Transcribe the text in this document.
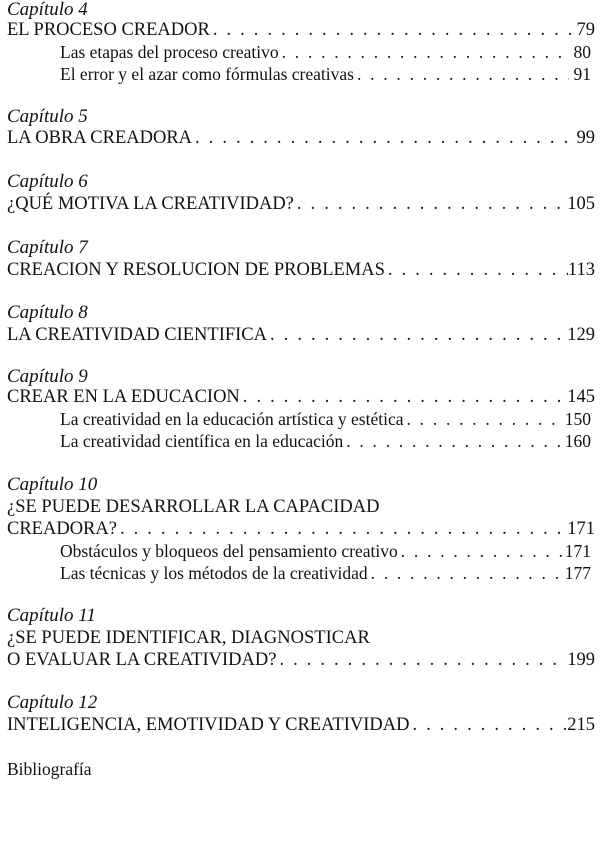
Capítulo 4
EL PROCESO CREADOR . . .	79
Las etapas del proceso creativo . . .	80
El error y el azar como fórmulas creativas . . .	91
Capítulo 5
LA OBRA CREADORA . . .	99
Capítulo 6
¿QUÉ MOTIVA LA CREATIVIDAD? . . .	105
Capítulo 7
CREACION Y RESOLUCION DE PROBLEMAS . . .	113
Capítulo 8
LA CREATIVIDAD CIENTIFICA . . .	129
Capítulo 9
CREAR EN LA EDUCACION . . .	145
La creatividad en la educación artística y estética . . .	150
La creatividad científica en la educación . . .	160
Capítulo 10
¿SE PUEDE DESARROLLAR LA CAPACIDAD
CREADORA? . . .	171
Obstáculos y bloqueos del pensamiento creativo . . .	171
Las técnicas y los métodos de la creatividad . . .	177
Capítulo 11
¿SE PUEDE IDENTIFICAR, DIAGNOSTICAR
O EVALUAR LA CREATIVIDAD? . . .	199
Capítulo 12
INTELIGENCIA, EMOTIVIDAD Y CREATIVIDAD . . .	215
Bibliografía
